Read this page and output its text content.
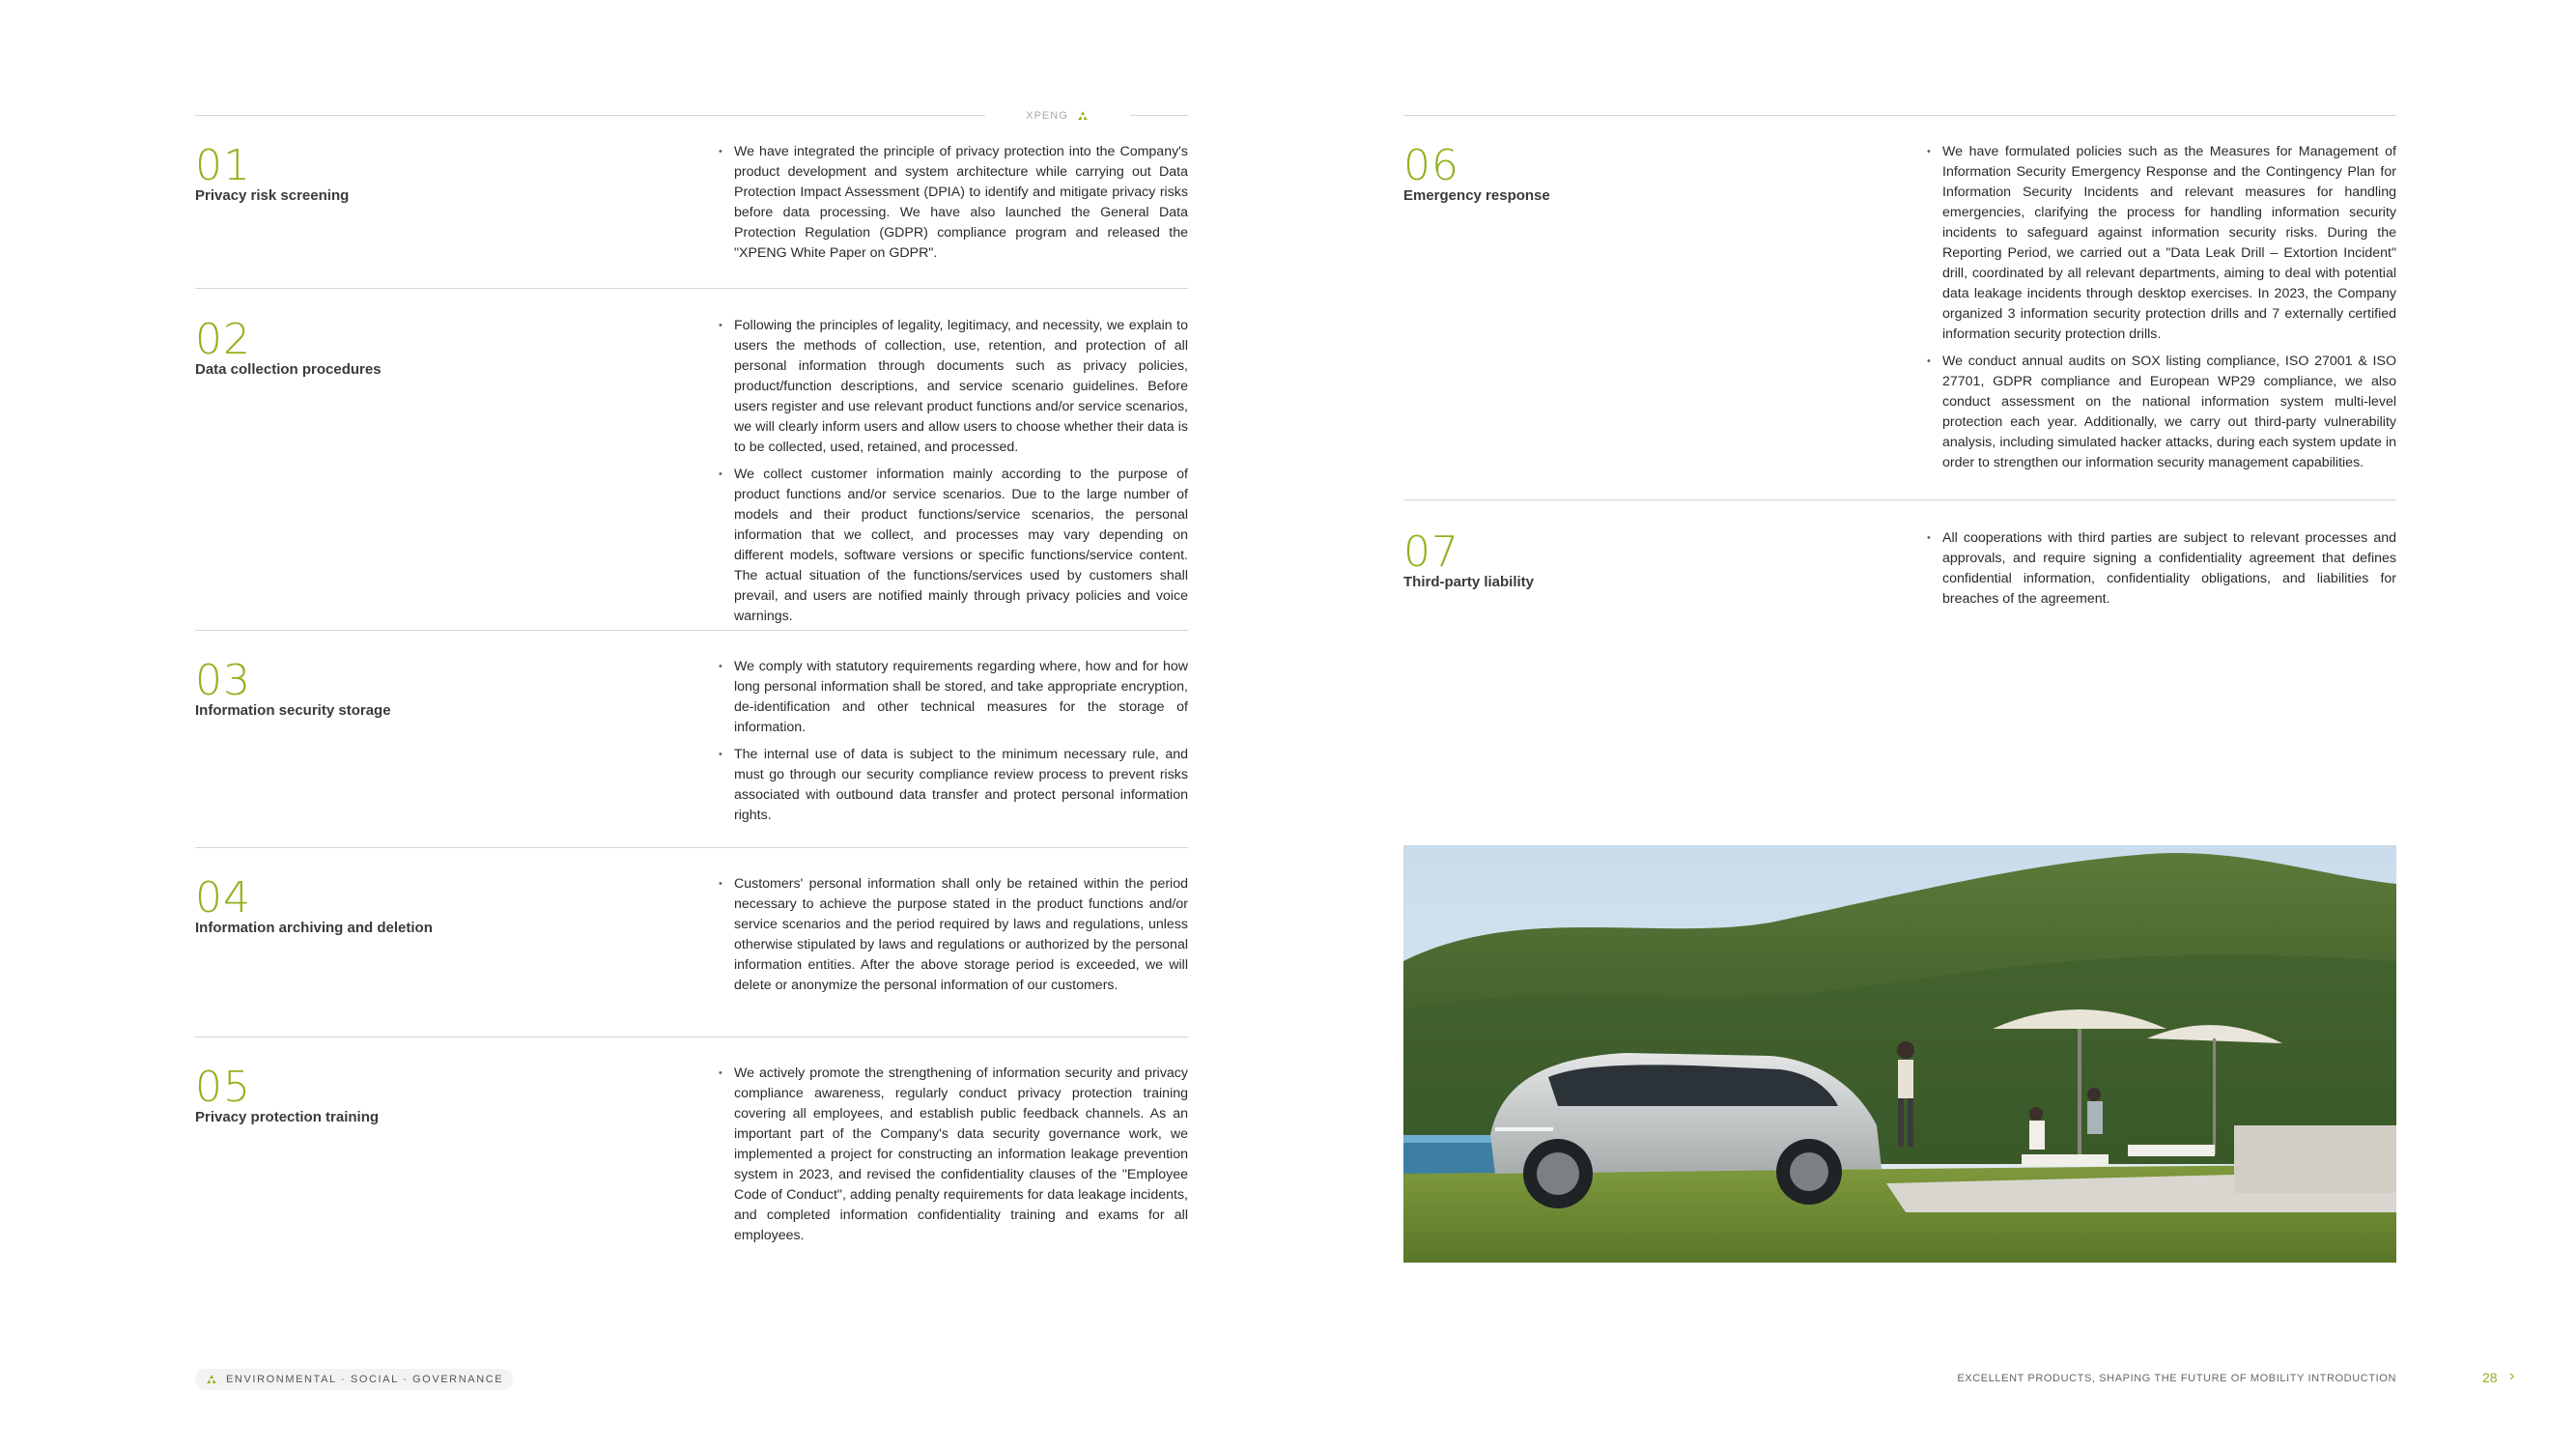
XPENG
01
Privacy risk screening
• We have integrated the principle of privacy protection into the Company's product development and system architecture while carrying out Data Protection Impact Assessment (DPIA) to identify and mitigate privacy risks before data processing. We have also launched the General Data Protection Regulation (GDPR) compliance program and released the "XPENG White Paper on GDPR".
02
Data collection procedures
• Following the principles of legality, legitimacy, and necessity, we explain to users the methods of collection, use, retention, and protection of all personal information through documents such as privacy policies, product/function descriptions, and service scenario guidelines. Before users register and use relevant product functions and/or service scenarios, we will clearly inform users and allow users to choose whether their data is to be collected, used, retained, and processed.
• We collect customer information mainly according to the purpose of product functions and/or service scenarios. Due to the large number of models and their product functions/service scenarios, the personal information that we collect, and processes may vary depending on different models, software versions or specific functions/service content. The actual situation of the functions/services used by customers shall prevail, and users are notified mainly through privacy policies and voice warnings.
03
Information security storage
• We comply with statutory requirements regarding where, how and for how long personal information shall be stored, and take appropriate encryption, de-identification and other technical measures for the storage of information.
• The internal use of data is subject to the minimum necessary rule, and must go through our security compliance review process to prevent risks associated with outbound data transfer and protect personal information rights.
04
Information archiving and deletion
• Customers' personal information shall only be retained within the period necessary to achieve the purpose stated in the product functions and/or service scenarios and the period required by laws and regulations, unless otherwise stipulated by laws and regulations or authorized by the personal information entities. After the above storage period is exceeded, we will delete or anonymize the personal information of our customers.
05
Privacy protection training
• We actively promote the strengthening of information security and privacy compliance awareness, regularly conduct privacy protection training covering all employees, and establish public feedback channels. As an important part of the Company's data security governance work, we implemented a project for constructing an information leakage prevention system in 2023, and revised the confidentiality clauses of the "Employee Code of Conduct", adding penalty requirements for data leakage incidents, and completed information confidentiality training and exams for all employees.
06
Emergency response
• We have formulated policies such as the Measures for Management of Information Security Emergency Response and the Contingency Plan for Information Security Incidents and relevant measures for handling emergencies, clarifying the process for handling information security incidents to safeguard against information security risks. During the Reporting Period, we carried out a "Data Leak Drill – Extortion Incident" drill, coordinated by all relevant departments, aiming to deal with potential data leakage incidents through desktop exercises. In 2023, the Company organized 3 information security protection drills and 7 externally certified information security protection drills.
• We conduct annual audits on SOX listing compliance, ISO 27001 & ISO 27701, GDPR compliance and European WP29 compliance, we also conduct assessment on the national information system multi-level protection each year. Additionally, we carry out third-party vulnerability analysis, including simulated hacker attacks, during each system update in order to strengthen our information security management capabilities.
07
Third-party liability
• All cooperations with third parties are subject to relevant processes and approvals, and require signing a confidentiality agreement that defines confidential information, confidentiality obligations, and liabilities for breaches of the agreement.
ENVIRONMENTAL · SOCIAL · GOVERNANCE	EXCELLENT PRODUCTS, SHAPING THE FUTURE OF MOBILITY INTRODUCTION	28 ›
